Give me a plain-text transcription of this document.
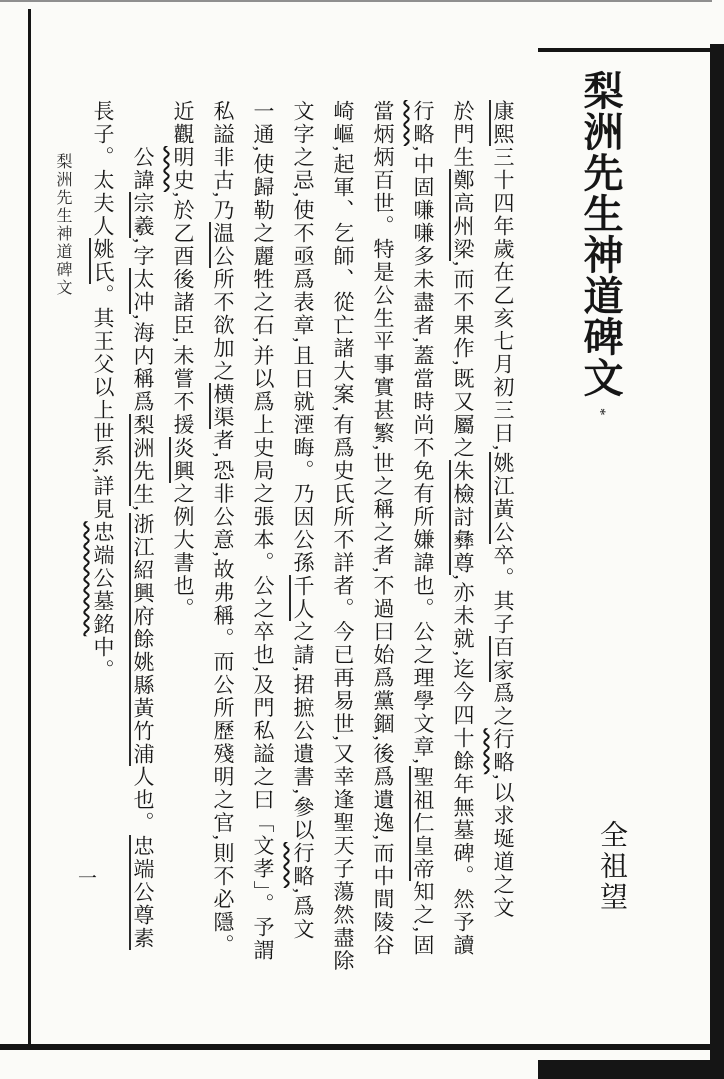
梨洲先生神道碑文*
全祖望
康熙三十四年歲在乙亥七月初三日,姚江黃公卒。其子百家爲之行略,以求埏道之文
於門生鄭高州梁,而不果作,既又屬之朱檢討彝尊,亦未就,迄今四十餘年無墓碑。然予讀
行略,中固嗛嗛多未盡者,蓋當時尚不免有所嫌諱也。公之理學文章,聖祖仁皇帝知之,固
當炳炳百世。特是公生平事實甚繁,世之稱之者,不過曰始爲黨錮,後爲遺逸,而中間陵谷
崎嶇,起軍、乞師、從亡諸大案,有爲史氏所不詳者。今已再易世,又幸逢聖天子蕩然盡除
文字之忌,使不亟爲表章,且日就湮晦。乃因公孫千人之請,捃摭公遺書,參以行略,爲文
一通,使歸勒之麗牲之石,并以爲上史局之張本。公之卒也,及門私謚之曰「文孝」。予謂
私謚非古,乃温公所不欲加之横渠者,恐非公意,故弗稱。而公所歷殘明之官,則不必隱。
近觀明史,於乙酉後諸臣,未嘗不援炎興之例大書也。
公諱宗羲,字太冲,海内稱爲梨洲先生,浙江紹興府餘姚縣黃竹浦人也。忠端公尊素
長子。太夫人姚氏。其王父以上世系,詳見忠端公墓銘中。
梨洲先生神道碑文
一
